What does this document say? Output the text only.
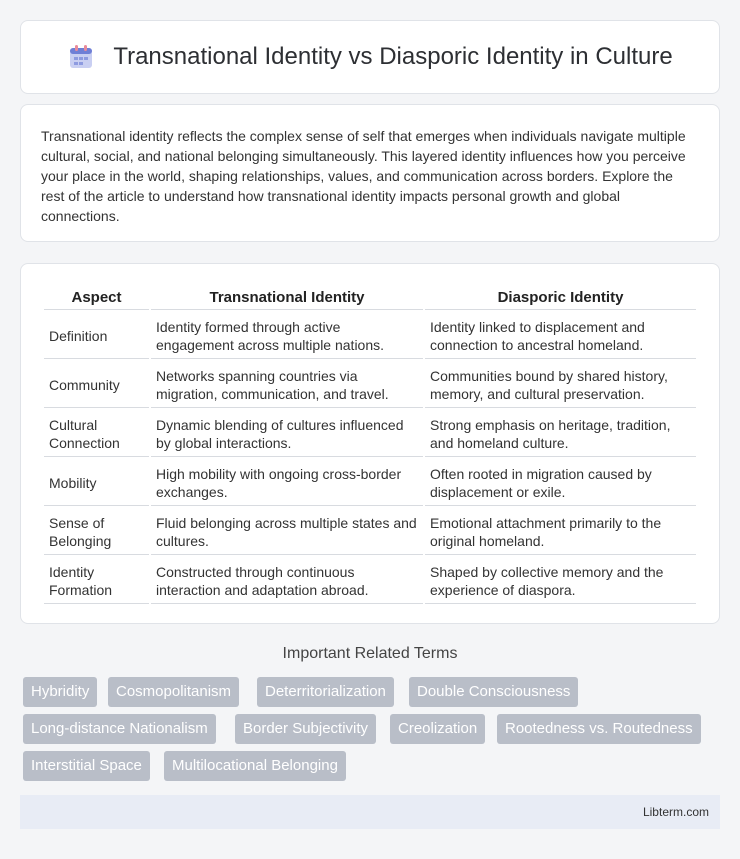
Transnational Identity vs Diasporic Identity in Culture

Transnational identity reflects the complex sense of self that emerges when individuals navigate multiple cultural, social, and national belonging simultaneously. This layered identity influences how you perceive your place in the world, shaping relationships, values, and communication across borders. Explore the rest of the article to understand how transnational identity impacts personal growth and global connections.

Aspect	Transnational Identity	Diasporic Identity
Definition	Identity formed through active engagement across multiple nations.	Identity linked to displacement and connection to ancestral homeland.
Community	Networks spanning countries via migration, communication, and travel.	Communities bound by shared history, memory, and cultural preservation.
Cultural Connection	Dynamic blending of cultures influenced by global interactions.	Strong emphasis on heritage, tradition, and homeland culture.
Mobility	High mobility with ongoing cross-border exchanges.	Often rooted in migration caused by displacement or exile.
Sense of Belonging	Fluid belonging across multiple states and cultures.	Emotional attachment primarily to the original homeland.
Identity Formation	Constructed through continuous interaction and adaptation abroad.	Shaped by collective memory and the experience of diaspora.
Important Related Terms
Hybridity	Cosmopolitanism	Deterritorialization	Double Consciousness
Long-distance Nationalism	Border Subjectivity	Creolization	Rootedness vs. Routedness
Interstitial Space	Multilocational Belonging
Libterm.com
